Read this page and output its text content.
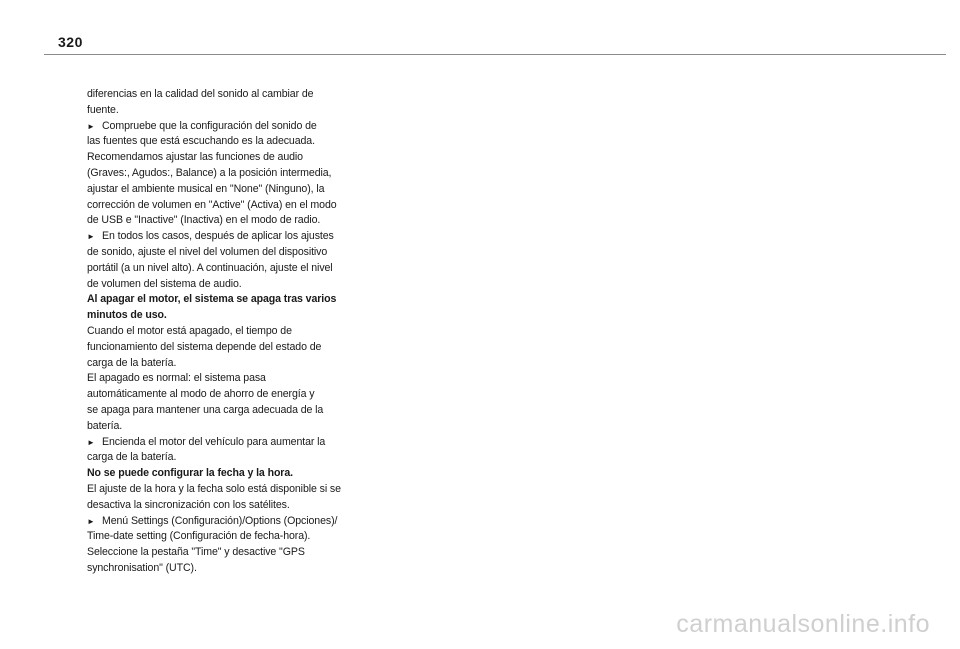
320

diferencias en la calidad del sonido al cambiar de

fuente.

► Compruebe que la configuración del sonido de

las fuentes que está escuchando es la adecuada.

Recomendamos ajustar las funciones de audio

(Graves:, Agudos:, Balance) a la posición intermedia,

ajustar el ambiente musical en "None" (Ninguno), la

corrección de volumen en "Active" (Activa) en el modo

de USB e "Inactive" (Inactiva) en el modo de radio.

► En todos los casos, después de aplicar los ajustes

de sonido, ajuste el nivel del volumen del dispositivo

portátil (a un nivel alto). A continuación, ajuste el nivel

de volumen del sistema de audio.

Al apagar el motor, el sistema se apaga tras varios

minutos de uso.

Cuando el motor está apagado, el tiempo de

funcionamiento del sistema depende del estado de

carga de la batería.

El apagado es normal: el sistema pasa

automáticamente al modo de ahorro de energía y

se apaga para mantener una carga adecuada de la

batería.

► Encienda el motor del vehículo para aumentar la

carga de la batería.

No se puede configurar la fecha y la hora.

El ajuste de la hora y la fecha solo está disponible si se

desactiva la sincronización con los satélites.

► Menú Settings (Configuración)/Options (Opciones)/

Time-date setting (Configuración de fecha-hora).

Seleccione la pestaña "Time" y desactive "GPS

synchronisation" (UTC).

carmanualsonline.info
